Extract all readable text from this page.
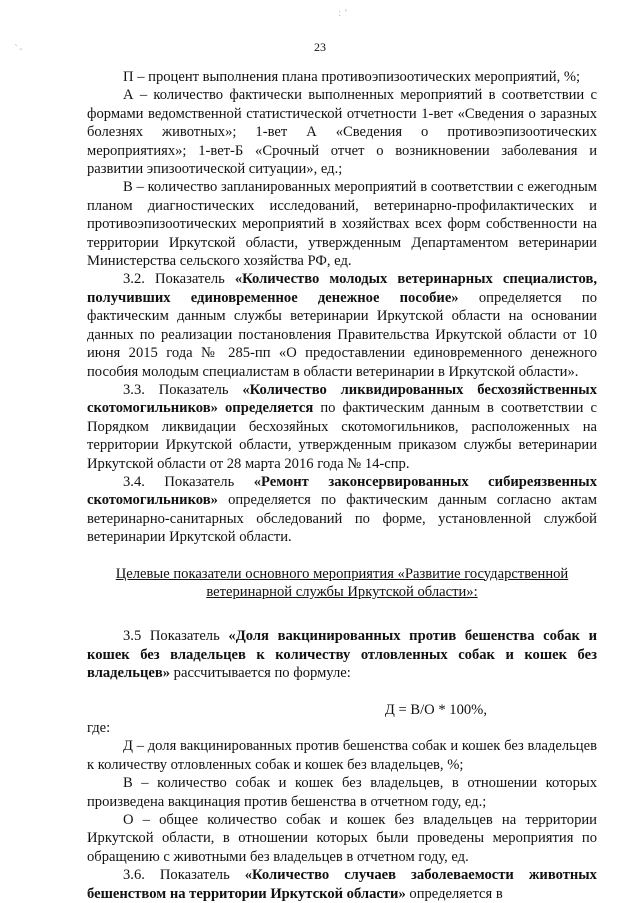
`-
: '
23

П – процент выполнения плана противоэпизоотических мероприятий, %;

А – количество фактически выполненных мероприятий в соответствии с формами ведомственной статистической отчетности 1-вет «Сведения о заразных болезнях животных»; 1-вет А «Сведения о противоэпизоотических мероприятиях»; 1-вет-Б «Срочный отчет о возникновении заболевания и развитии эпизоотической ситуации», ед.;

В – количество запланированных мероприятий в соответствии с ежегодным планом диагностических исследований, ветеринарно-профилактических и противоэпизоотических мероприятий в хозяйствах всех форм собственности на территории Иркутской области, утвержденным Департаментом ветеринарии Министерства сельского хозяйства РФ, ед.

3.2. Показатель «Количество молодых ветеринарных специалистов, получивших единовременное денежное пособие» определяется по фактическим данным службы ветеринарии Иркутской области на основании данных по реализации постановления Правительства Иркутской области от 10 июня 2015 года № 285-пп «О предоставлении единовременного денежного пособия молодым специалистам в области ветеринарии в Иркутской области».

3.3. Показатель «Количество ликвидированных бесхозяйственных скотомогильников» определяется по фактическим данным в соответствии с Порядком ликвидации бесхозяйных скотомогильников, расположенных на территории Иркутской области, утвержденным приказом службы ветеринарии Иркутской области от 28 марта 2016 года № 14-спр.

3.4. Показатель «Ремонт законсервированных сибиреязвенных скотомогильников» определяется по фактическим данным согласно актам ветеринарно-санитарных обследований по форме, установленной службой ветеринарии Иркутской области.

Целевые показатели основного мероприятия «Развитие государственной

ветеринарной службы Иркутской области»:

3.5 Показатель «Доля вакцинированных против бешенства собак и кошек без владельцев к количеству отловленных собак и кошек без владельцев» рассчитывается по формуле:

Д = В/О * 100%,

где:

Д – доля вакцинированных против бешенства собак и кошек без владельцев к количеству отловленных собак и кошек без владельцев, %;

В – количество собак и кошек без владельцев, в отношении которых произведена вакцинация против бешенства в отчетном году, ед.;

О – общее количество собак и кошек без владельцев на территории Иркутской области, в отношении которых были проведены мероприятия по обращению с животными без владельцев в отчетном году, ед.

3.6. Показатель «Количество случаев заболеваемости животных бешенством на территории Иркутской области» определяется в
